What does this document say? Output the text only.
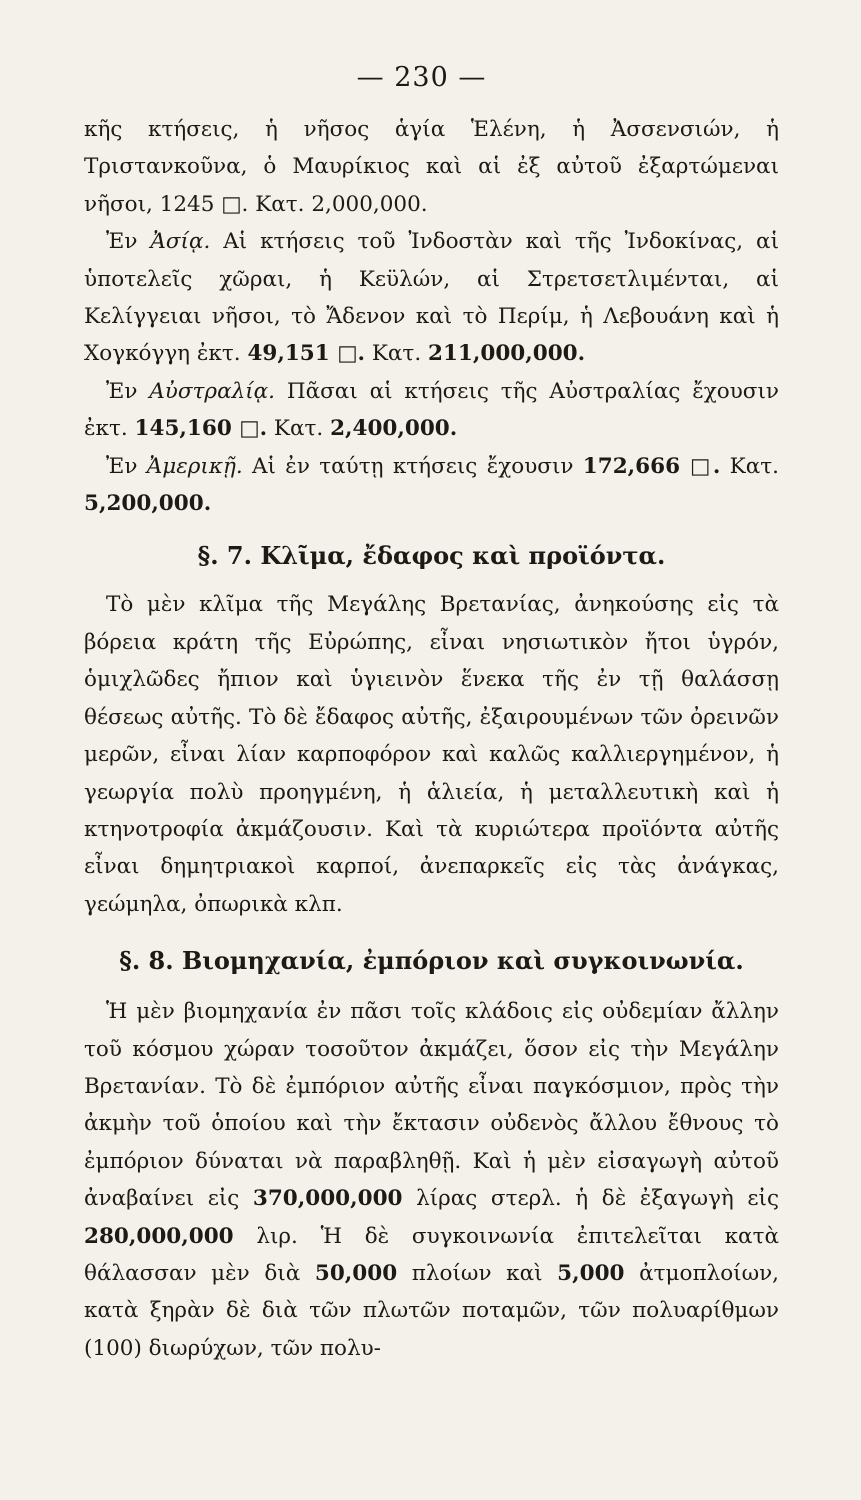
— 230 —

κῆς κτήσεις, ἡ νῆσος ἁγία Ἑλένη, ἡ Ἀσσενσιών, ἡ Τριστανκοῦνα, ὁ Μαυρίκιος καὶ αἱ ἐξ αὐτοῦ ἐξαρτώμεναι νῆσοι, 1245 □. Κατ. 2,000,000.

Ἐν Ἀσίᾳ. Αἱ κτήσεις τοῦ Ἰνδοστὰν καὶ τῆς Ἰνδοκίνας, αἱ ὑποτελεῖς χῶραι, ἡ Κεϋλών, αἱ Στρετσετλιμένται, αἱ Κελίγγειαι νῆσοι, τὸ Ἄδενον καὶ τὸ Περίμ, ἡ Λεβουάνη καὶ ἡ Χογκόγγη ἐκτ. 49,151 □. Κατ. 211,000,000.

Ἐν Αὐστραλίᾳ. Πᾶσαι αἱ κτήσεις τῆς Αὐστραλίας ἔχουσιν ἐκτ. 145,160 □. Κατ. 2,400,000.

Ἐν Ἀμερικῇ. Αἱ ἐν ταύτῃ κτήσεις ἔχουσιν 172,666 □. Κατ. 5,200,000.

§. 7. Κλῖμα, ἔδαφος καὶ προϊόντα.

Τὸ μὲν κλῖμα τῆς Μεγάλης Βρετανίας, ἀνηκούσης εἰς τὰ βόρεια κράτη τῆς Εὐρώπης, εἶναι νησιωτικὸν ἤτοι ὑγρόν, ὁμιχλῶδες ἤπιον καὶ ὑγιεινὸν ἕνεκα τῆς ἐν τῇ θαλάσσῃ θέσεως αὐτῆς. Τὸ δὲ ἔδαφος αὐτῆς, ἐξαιρουμένων τῶν ὀρεινῶν μερῶν, εἶναι λίαν καρποφόρον καὶ καλῶς καλλιεργημένον, ἡ γεωργία πολὺ προηγμένη, ἡ ἁλιεία, ἡ μεταλλευτικὴ καὶ ἡ κτηνοτροφία ἀκμάζουσιν. Καὶ τὰ κυριώτερα προϊόντα αὐτῆς εἶναι δημητριακοὶ καρποί, ἀνεπαρκεῖς εἰς τὰς ἀνάγκας, γεώμηλα, ὀπωρικὰ κλπ.

§. 8. Βιομηχανία, ἐμπόριον καὶ συγκοινωνία.

Ἡ μὲν βιομηχανία ἐν πᾶσι τοῖς κλάδοις εἰς οὐδεμίαν ἄλλην τοῦ κόσμου χώραν τοσοῦτον ἀκμάζει, ὅσον εἰς τὴν Μεγάλην Βρετανίαν. Τὸ δὲ ἐμπόριον αὐτῆς εἶναι παγκόσμιον, πρὸς τὴν ἀκμὴν τοῦ ὁποίου καὶ τὴν ἔκτασιν οὐδενὸς ἄλλου ἔθνους τὸ ἐμπόριον δύναται νὰ παραβληθῇ. Καὶ ἡ μὲν εἰσαγωγὴ αὐτοῦ ἀναβαίνει εἰς 370,000,000 λίρας στερλ. ἡ δὲ ἐξαγωγὴ εἰς 280,000,000 λιρ. Ἡ δὲ συγκοινωνία ἐπιτελεῖται κατὰ θάλασσαν μὲν διὰ 50,000 πλοίων καὶ 5,000 ἀτμοπλοίων, κατὰ ξηρὰν δὲ διὰ τῶν πλωτῶν ποταμῶν, τῶν πολυαρίθμων (100) διωρύχων, τῶν πολυ-
